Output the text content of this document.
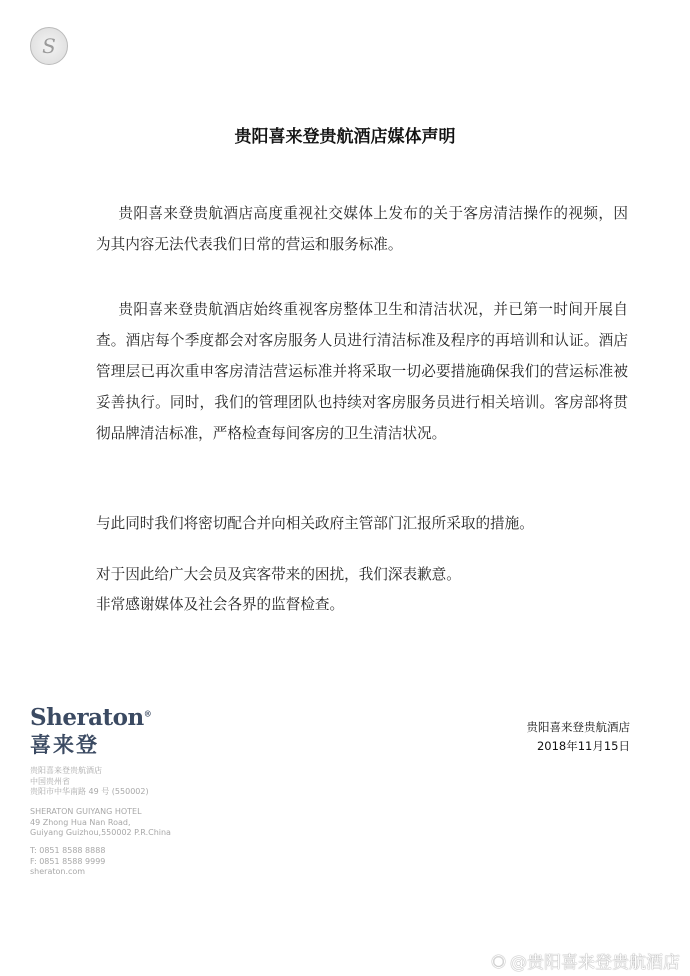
S
贵阳喜来登贵航酒店媒体声明
贵阳喜来登贵航酒店高度重视社交媒体上发布的关于客房清洁操作的视频，因为其内容无法代表我们日常的营运和服务标准。
贵阳喜来登贵航酒店始终重视客房整体卫生和清洁状况，并已第一时间开展自查。酒店每个季度都会对客房服务人员进行清洁标准及程序的再培训和认证。酒店管理层已再次重申客房清洁营运标准并将采取一切必要措施确保我们的营运标准被妥善执行。同时，我们的管理团队也持续对客房服务员进行相关培训。客房部将贯彻品牌清洁标准，严格检查每间客房的卫生清洁状况。
与此同时我们将密切配合并向相关政府主管部门汇报所采取的措施。
对于因此给广大会员及宾客带来的困扰，我们深表歉意。
非常感谢媒体及社会各界的监督检查。
Sheraton®
喜来登
贵阳喜来登贵航酒店
中国贵州省
贵阳市中华南路 49 号 (550002)
SHERATON GUIYANG HOTEL
49 Zhong Hua Nan Road,
Guiyang Guizhou,550002 P.R.China
T: 0851 8588 8888
F: 0851 8588 9999
sheraton.com
贵阳喜来登贵航酒店
2018年11月15日
◉ @贵阳喜来登贵航酒店
